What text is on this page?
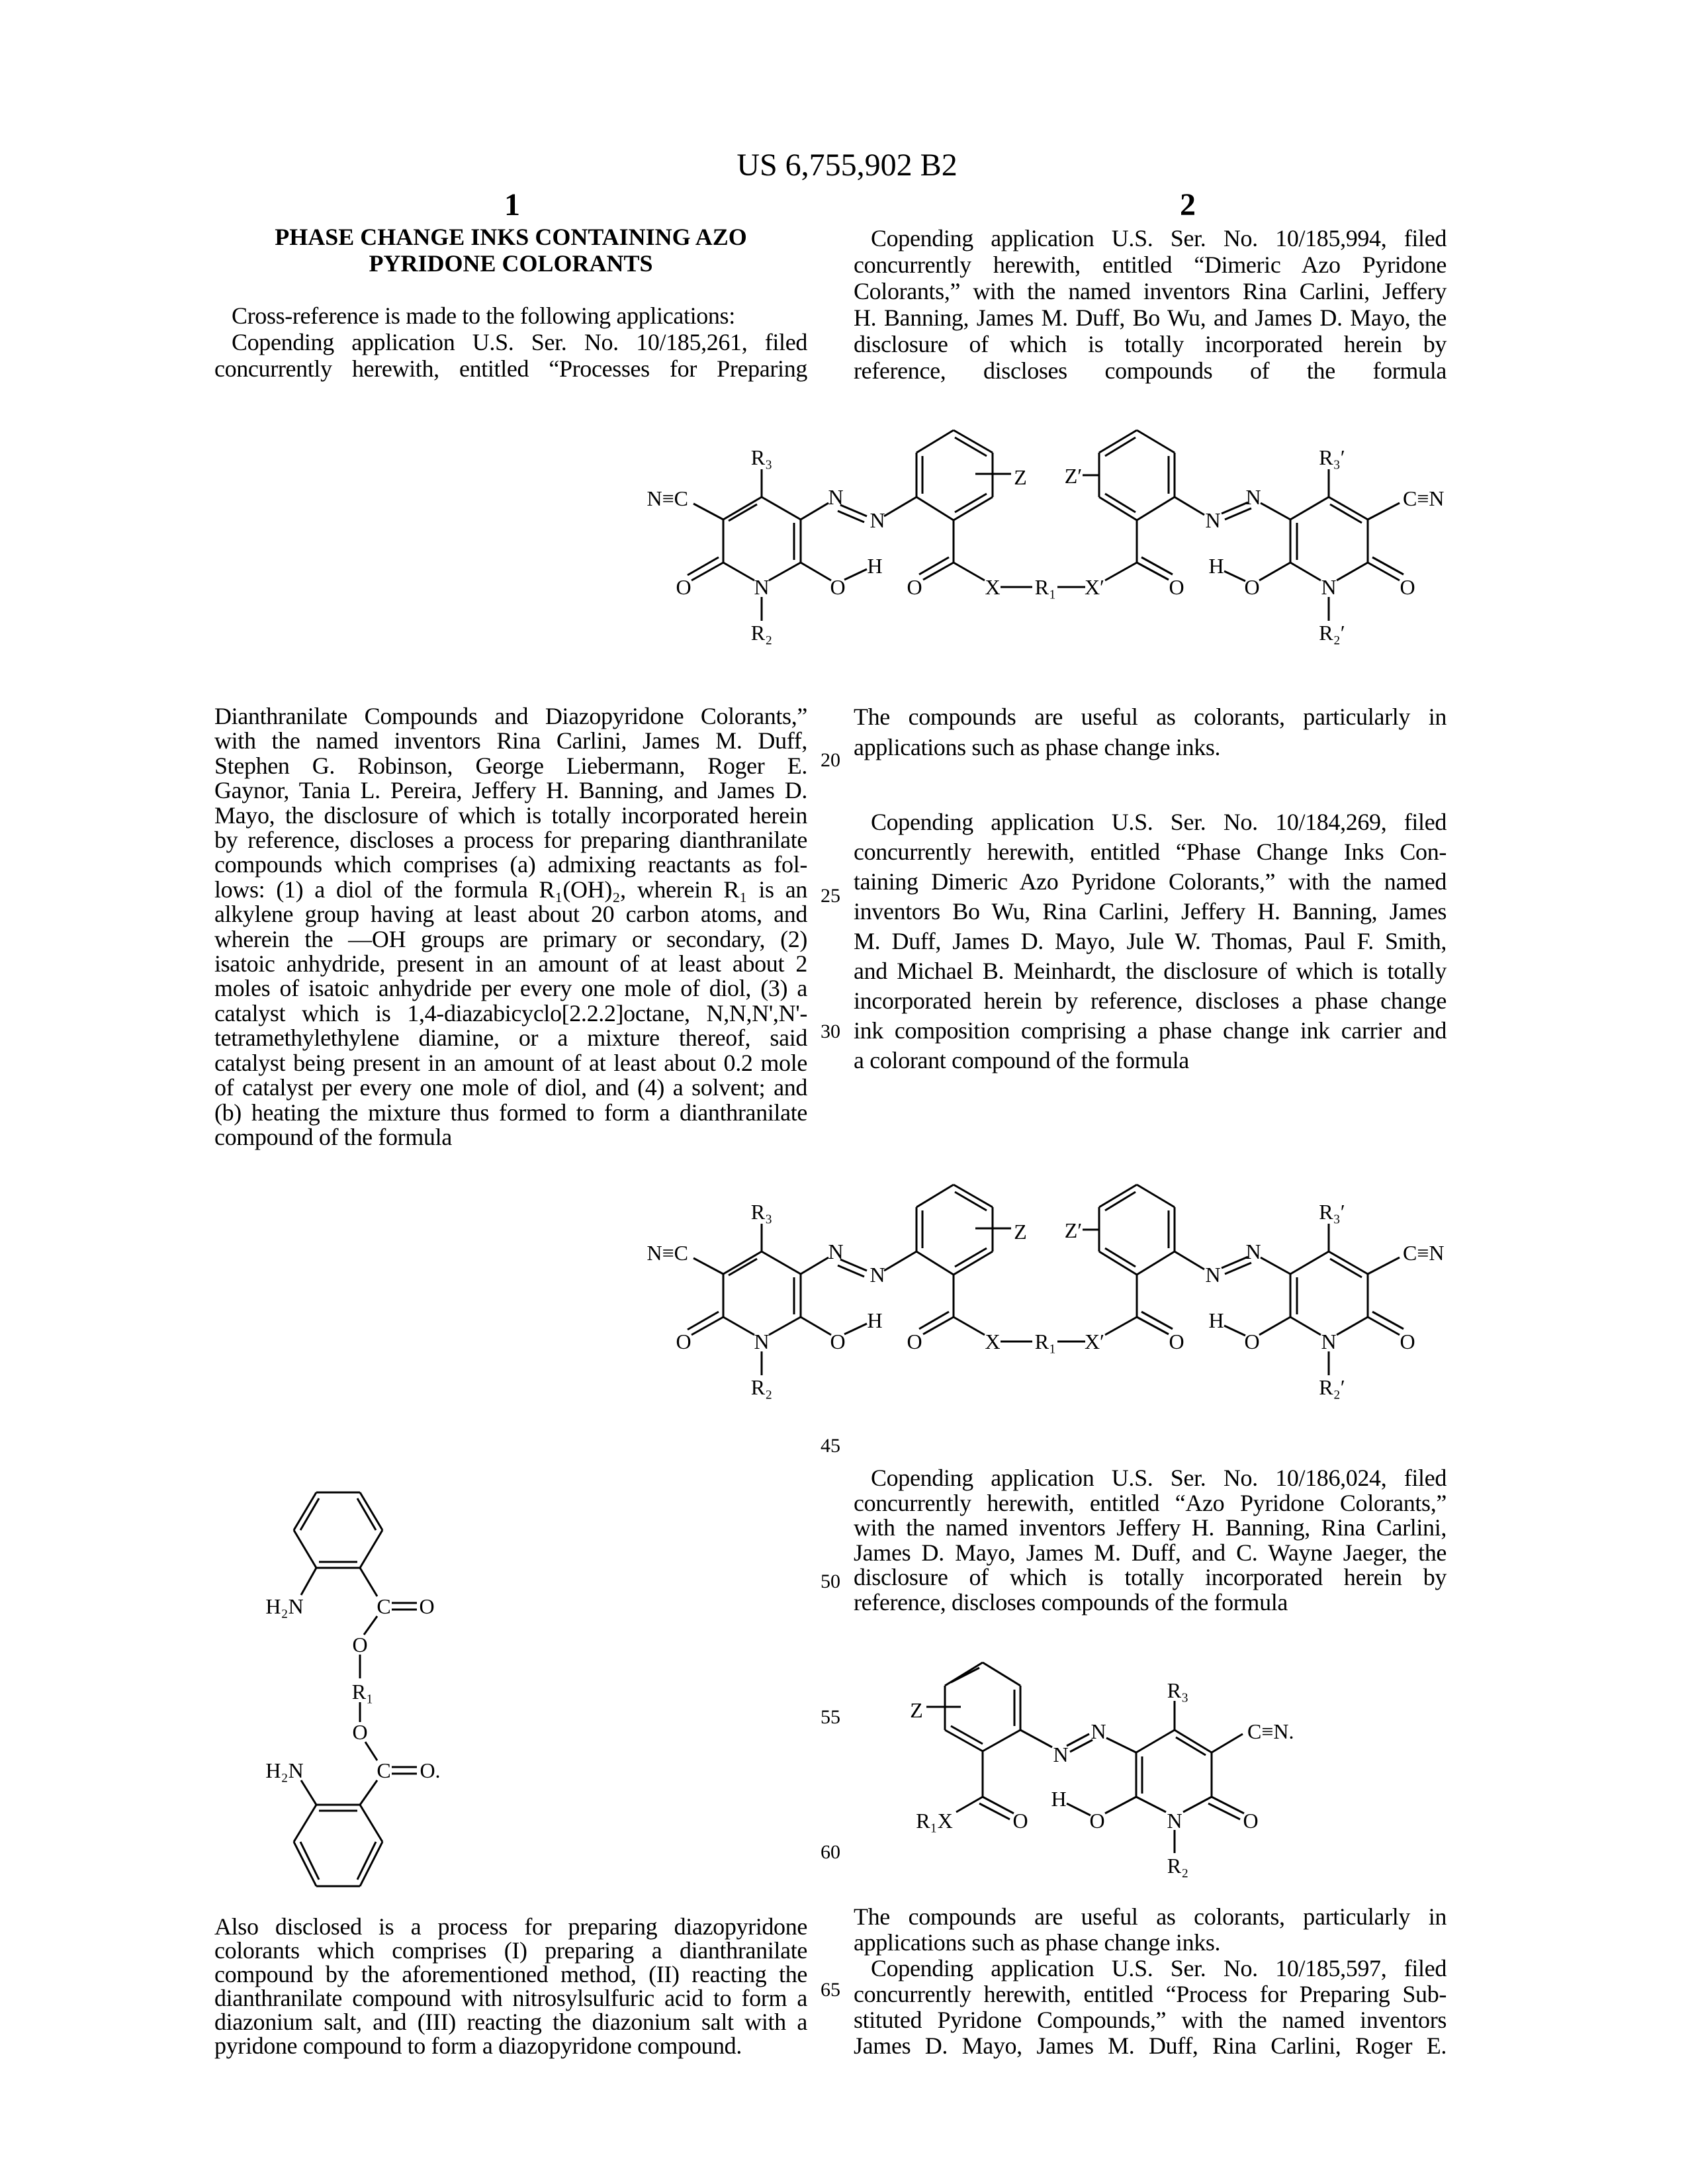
US 6,755,902 B2
1	2
PHASE CHANGE INKS CONTAINING AZO
PYRIDONE COLORANTS
Cross-reference is made to the following applications:
Copending application U.S. Ser. No. 10/185,261, filed
concurrently herewith, entitled “Processes for Preparing
Copending application U.S. Ser. No. 10/185,994, filed
concurrently herewith, entitled “Dimeric Azo Pyridone
Colorants,” with the named inventors Rina Carlini, Jeffery
H. Banning, James M. Duff, Bo Wu, and James D. Mayo, the
disclosure of which is totally incorporated herein by
reference, discloses compounds of the formula
Dianthranilate Compounds and Diazopyridone Colorants,”
with the named inventors Rina Carlini, James M. Duff,
Stephen G. Robinson, George Liebermann, Roger E.
Gaynor, Tania L. Pereira, Jeffery H. Banning, and James D.
Mayo, the disclosure of which is totally incorporated herein
by reference, discloses a process for preparing dianthranilate
compounds which comprises (a) admixing reactants as fol-
lows: (1) a diol of the formula R₁(OH)₂, wherein R₁ is an
alkylene group having at least about 20 carbon atoms, and
wherein the —OH groups are primary or secondary, (2)
isatoic anhydride, present in an amount of at least about 2
moles of isatoic anhydride per every one mole of diol, (3) a
catalyst which is 1,4-diazabicyclo[2.2.2]octane, N,N,N',N'-
tetramethylethylene diamine, or a mixture thereof, said
catalyst being present in an amount of at least about 0.2 mole
of catalyst per every one mole of diol, and (4) a solvent; and
(b) heating the mixture thus formed to form a dianthranilate
compound of the formula
The compounds are useful as colorants, particularly in
applications such as phase change inks.
Copending application U.S. Ser. No. 10/184,269, filed
concurrently herewith, entitled “Phase Change Inks Con-
taining Dimeric Azo Pyridone Colorants,” with the named
inventors Bo Wu, Rina Carlini, Jeffery H. Banning, James
M. Duff, James D. Mayo, Jule W. Thomas, Paul F. Smith,
and Michael B. Meinhardt, the disclosure of which is totally
incorporated herein by reference, discloses a phase change
ink composition comprising a phase change ink carrier and
a colorant compound of the formula
Copending application U.S. Ser. No. 10/186,024, filed
concurrently herewith, entitled “Azo Pyridone Colorants,”
with the named inventors Jeffery H. Banning, Rina Carlini,
James D. Mayo, James M. Duff, and C. Wayne Jaeger, the
disclosure of which is totally incorporated herein by
reference, discloses compounds of the formula
Also disclosed is a process for preparing diazopyridone
colorants which comprises (I) preparing a dianthranilate
compound by the aforementioned method, (II) reacting the
dianthranilate compound with nitrosylsulfuric acid to form a
diazonium salt, and (III) reacting the diazonium salt with a
pyridone compound to form a diazopyridone compound.
The compounds are useful as colorants, particularly in
applications such as phase change inks.
Copending application U.S. Ser. No. 10/185,597, filed
concurrently herewith, entitled “Process for Preparing Sub-
stituted Pyridone Compounds,” with the named inventors
James D. Mayo, James M. Duff, Rina Carlini, Roger E.
20
25
30
45
50
55
60
65
R₃
N≡C
O	N	O
H
R₂
N
N
Z
O	X R₁ X′	O
Z′
N
N
R₃′
C≡N
H
O	N	O
R₂′
R₃
N≡C
O	N	O
H
R₂
N
N
Z
O	X R₁ X′	O
Z′
N
N
R₃′
C≡N
H
O	N	O
R₂′
H₂N	C O
O
R₁
O
C O.
H₂N
Z
R₁X	O
N
N
R₃
C≡N.
H
O	N	O
R₂
